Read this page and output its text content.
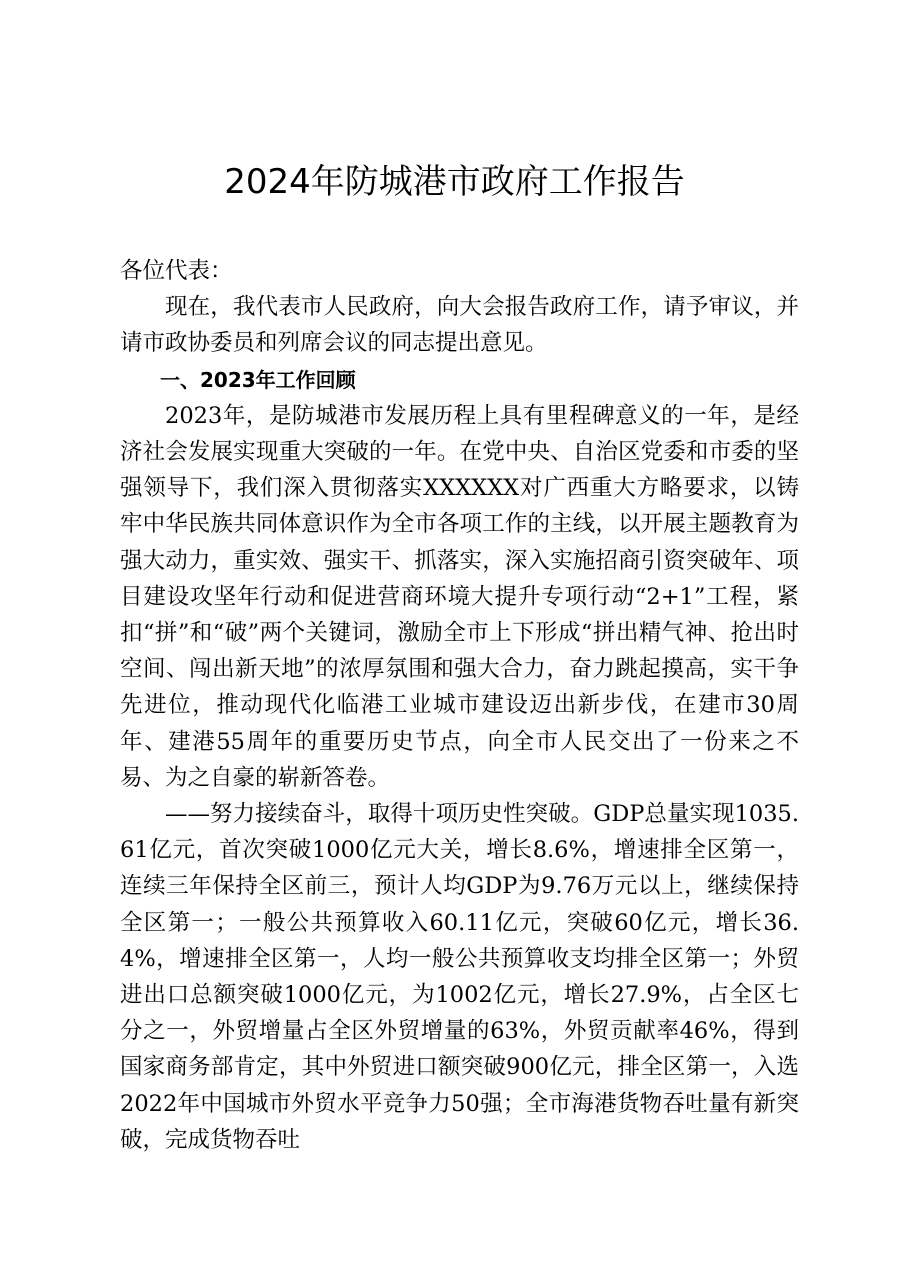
2024年防城港市政府工作报告

各位代表：

现在，我代表市人民政府，向大会报告政府工作，请予审议，并请市政协委员和列席会议的同志提出意见。

一、2023年工作回顾

2023年，是防城港市发展历程上具有里程碑意义的一年，是经济社会发展实现重大突破的一年。在党中央、自治区党委和市委的坚强领导下，我们深入贯彻落实XXXXXX对广西重大方略要求，以铸牢中华民族共同体意识作为全市各项工作的主线，以开展主题教育为强大动力，重实效、强实干、抓落实，深入实施招商引资突破年、项目建设攻坚年行动和促进营商环境大提升专项行动“2+1”工程，紧扣“拼”和“破”两个关键词，激励全市上下形成“拼出精气神、抢出时空间、闯出新天地”的浓厚氛围和强大合力，奋力跳起摸高，实干争先进位，推动现代化临港工业城市建设迈出新步伐，在建市30周年、建港55周年的重要历史节点，向全市人民交出了一份来之不易、为之自豪的崭新答卷。

——努力接续奋斗，取得十项历史性突破。GDP总量实现1035.61亿元，首次突破1000亿元大关，增长8.6%，增速排全区第一，连续三年保持全区前三，预计人均GDP为9.76万元以上，继续保持全区第一；一般公共预算收入60.11亿元，突破60亿元，增长36.4%，增速排全区第一，人均一般公共预算收支均排全区第一；外贸进出口总额突破1000亿元，为1002亿元，增长27.9%，占全区七分之一，外贸增量占全区外贸增量的63%，外贸贡献率46%，得到国家商务部肯定，其中外贸进口额突破900亿元，排全区第一，入选2022年中国城市外贸水平竞争力50强；全市海港货物吞吐量有新突破，完成货物吞吐
